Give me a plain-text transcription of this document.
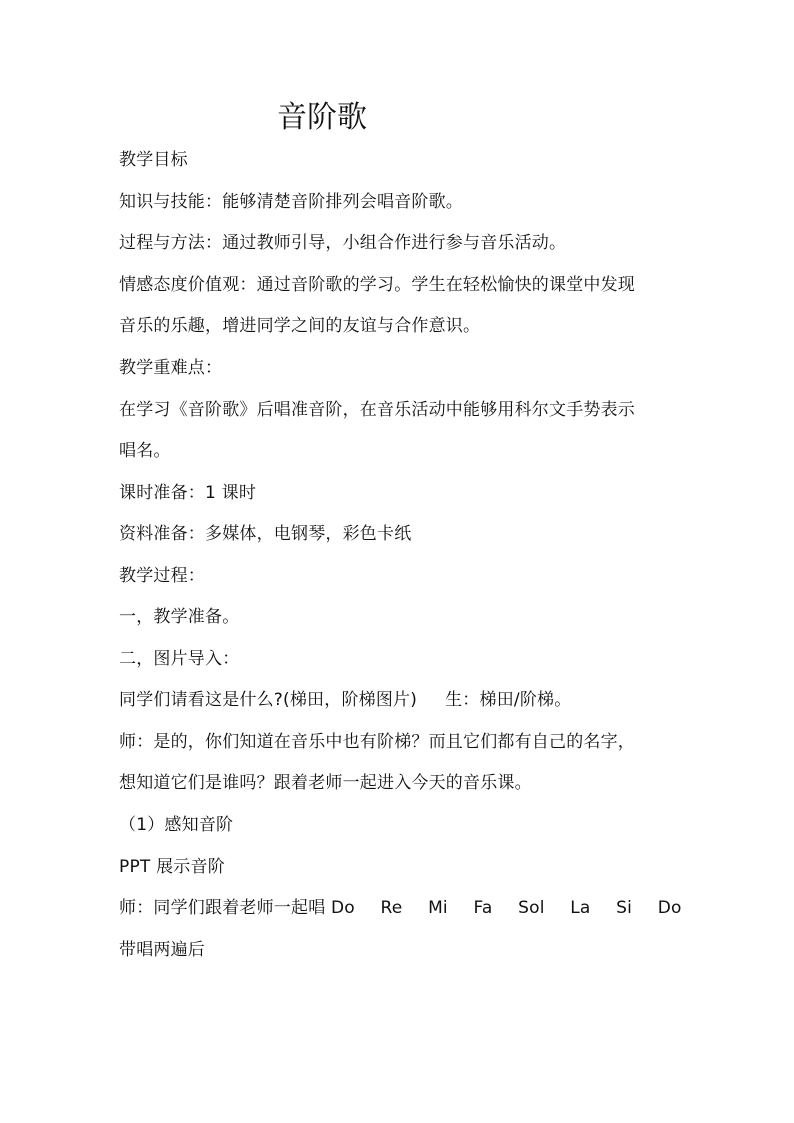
音阶歌
教学目标
知识与技能：能够清楚音阶排列会唱音阶歌。
过程与方法：通过教师引导，小组合作进行参与音乐活动。
情感态度价值观：通过音阶歌的学习。学生在轻松愉快的课堂中发现
音乐的乐趣，增进同学之间的友谊与合作意识。
教学重难点：
在学习《音阶歌》后唱准音阶，在音乐活动中能够用科尔文手势表示
唱名。
课时准备：1 课时
资料准备：多媒体，电钢琴，彩色卡纸
教学过程：
一，教学准备。
二，图片导入：
同学们请看这是什么?(梯田，阶梯图片) 生：梯田/阶梯。
师：是的，你们知道在音乐中也有阶梯？而且它们都有自己的名字，
想知道它们是谁吗？跟着老师一起进入今天的音乐课。
（1）感知音阶
PPT 展示音阶
师：同学们跟着老师一起唱 Do Re Mi Fa Sol La Si Do
带唱两遍后
